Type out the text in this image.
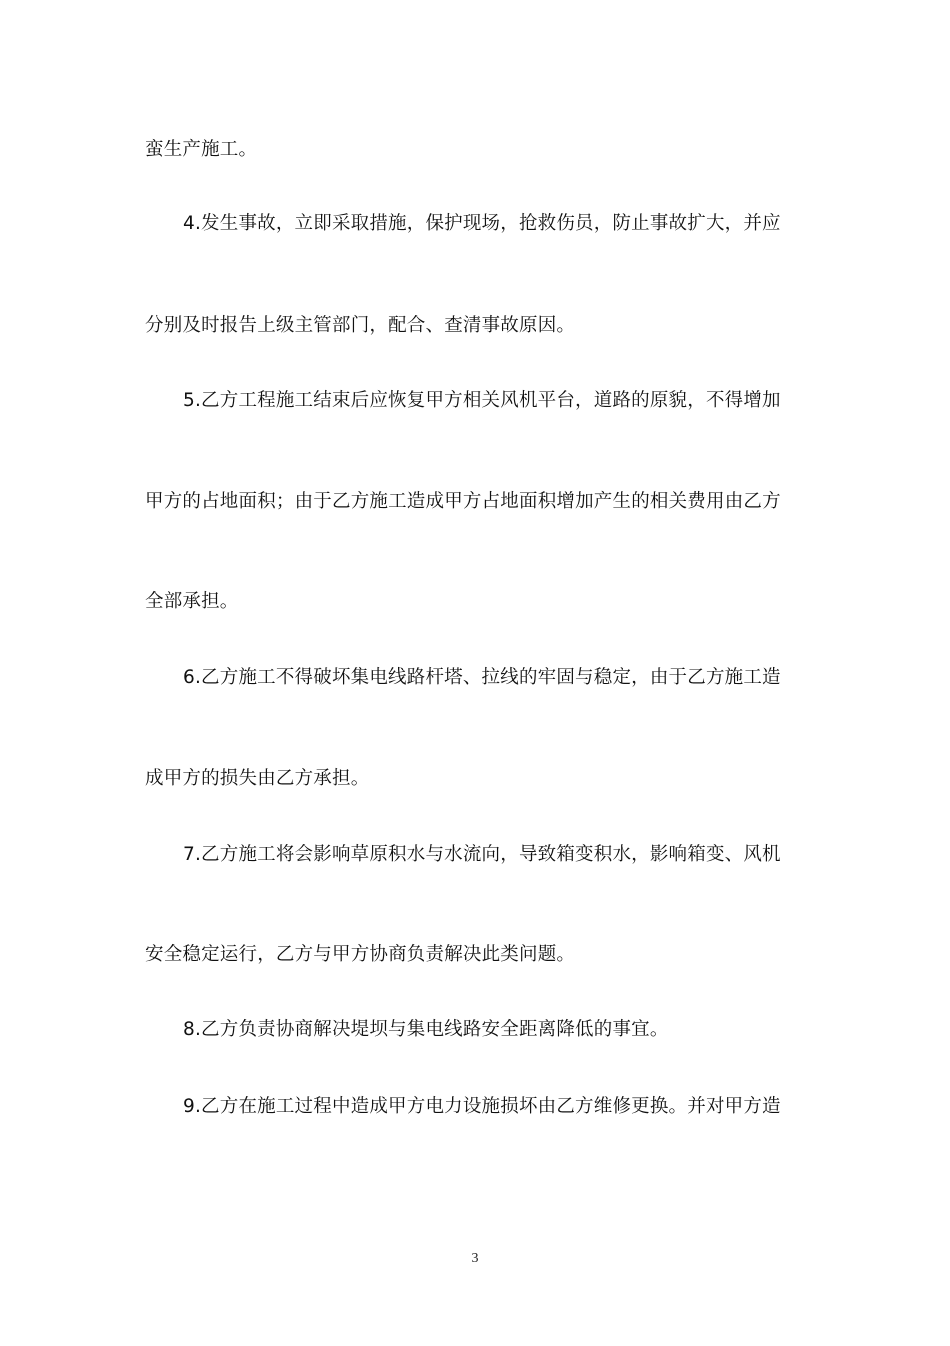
蛮生产施工。
4.发生事故，立即采取措施，保护现场，抢救伤员，防止事故扩大，并应
分别及时报告上级主管部门，配合、查清事故原因。
5.乙方工程施工结束后应恢复甲方相关风机平台，道路的原貌，不得增加
甲方的占地面积；由于乙方施工造成甲方占地面积增加产生的相关费用由乙方
全部承担。
6.乙方施工不得破坏集电线路杆塔、拉线的牢固与稳定，由于乙方施工造
成甲方的损失由乙方承担。
7.乙方施工将会影响草原积水与水流向，导致箱变积水，影响箱变、风机
安全稳定运行，乙方与甲方协商负责解决此类问题。
8.乙方负责协商解决堤坝与集电线路安全距离降低的事宜。
9.乙方在施工过程中造成甲方电力设施损坏由乙方维修更换。并对甲方造
3
